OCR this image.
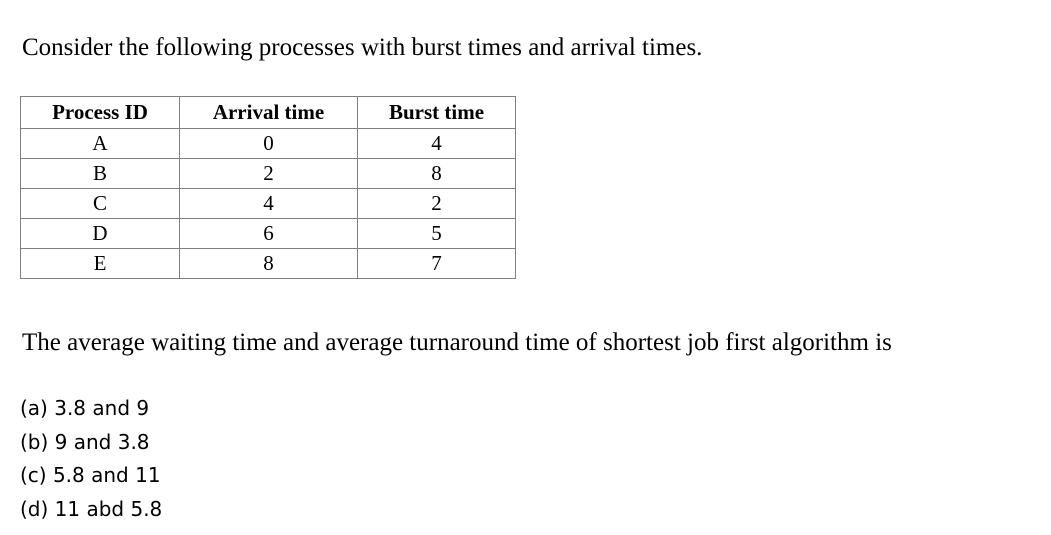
Consider the following processes with burst times and arrival times.
Process ID	Arrival time	Burst time
A	0	4
B	2	8
C	4	2
D	6	5
E	8	7
The average waiting time and average turnaround time of shortest job first algorithm is
(a) 3.8 and 9
(b) 9 and 3.8
(c) 5.8 and 11
(d) 11 abd 5.8
